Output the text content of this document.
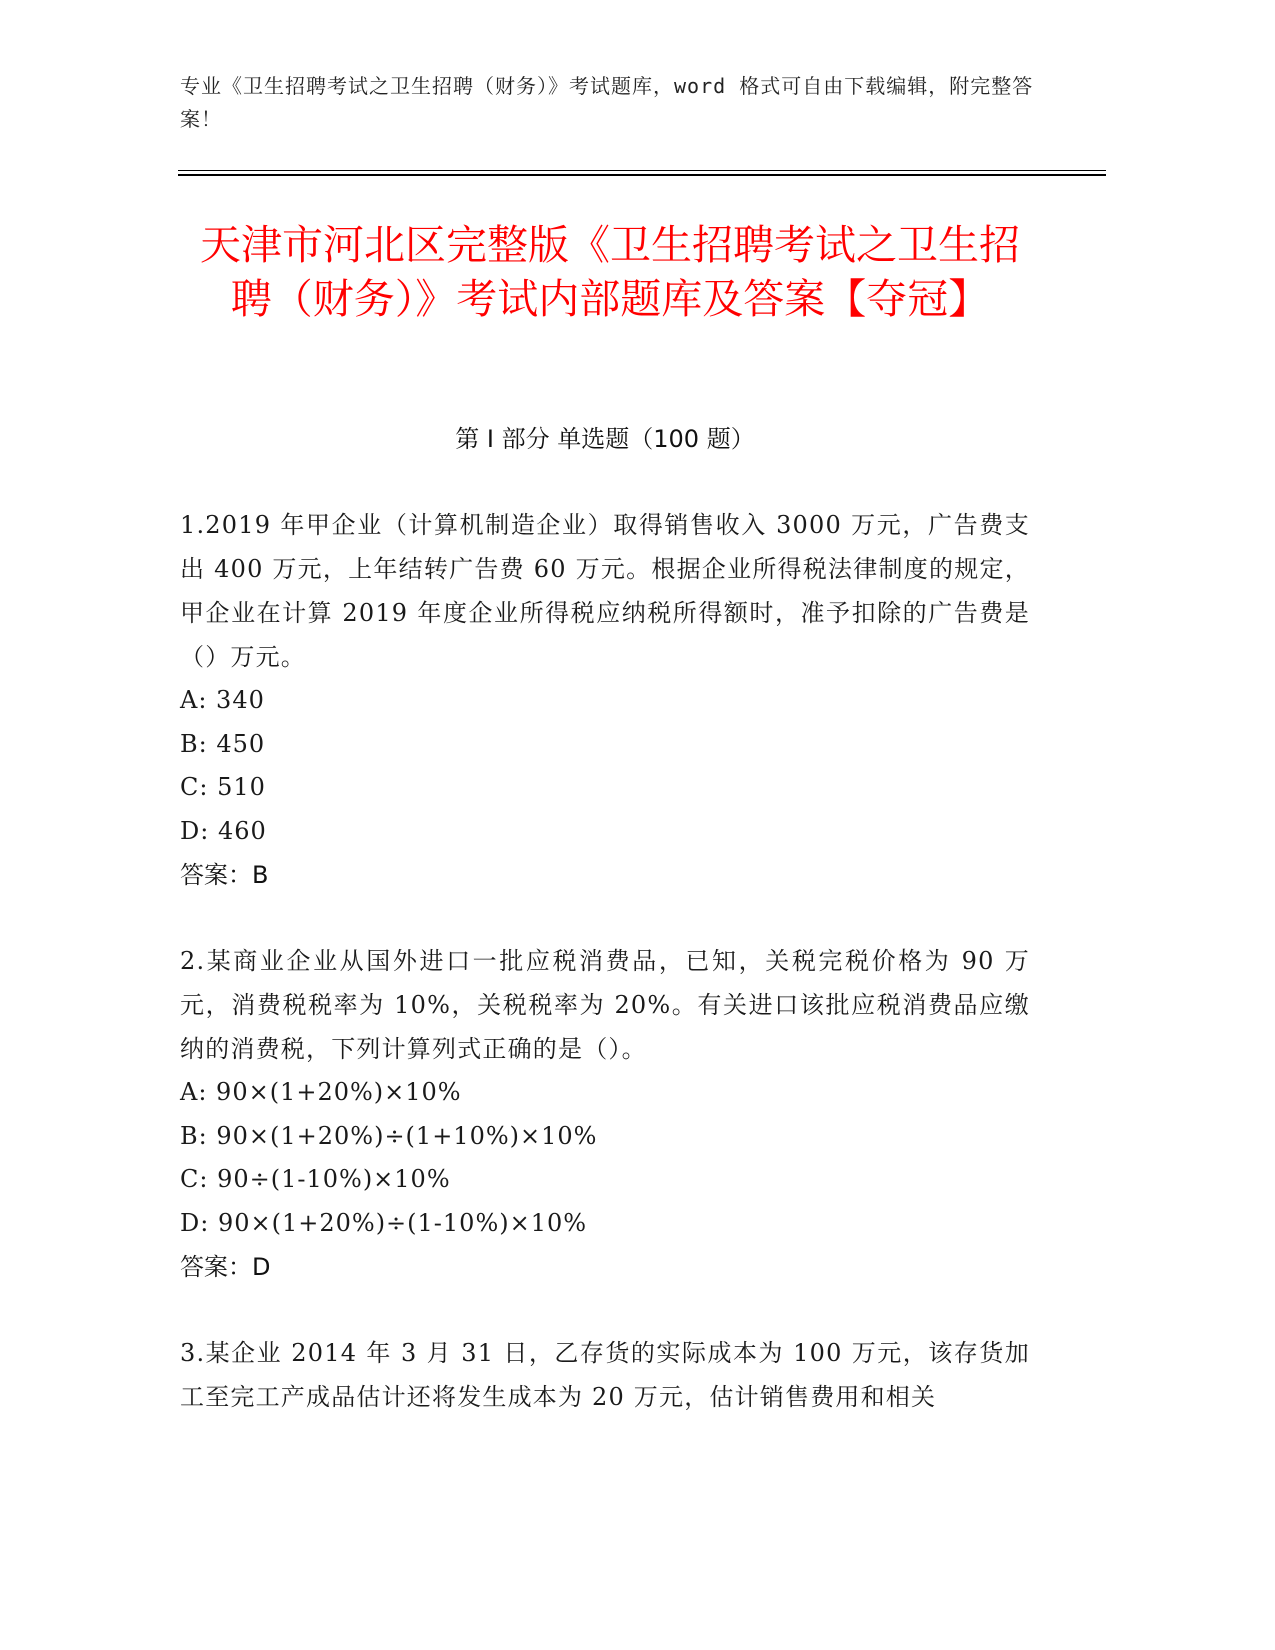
专业《卫生招聘考试之卫生招聘（财务）》考试题库，word 格式可自由下载编辑，附完整答案！
天津市河北区完整版《卫生招聘考试之卫生招聘（财务）》考试内部题库及答案【夺冠】
第 I 部分 单选题（100 题）
1.2019 年甲企业（计算机制造企业）取得销售收入 3000 万元，广告费支出 400 万元，上年结转广告费 60 万元。根据企业所得税法律制度的规定，甲企业在计算 2019 年度企业所得税应纳税所得额时，准予扣除的广告费是（）万元。
A: 340
B: 450
C: 510
D: 460
答案：B
2.某商业企业从国外进口一批应税消费品，已知，关税完税价格为 90 万元，消费税税率为 10%，关税税率为 20%。有关进口该批应税消费品应缴纳的消费税，下列计算列式正确的是（）。
A: 90×(1+20%)×10%
B: 90×(1+20%)÷(1+10%)×10%
C: 90÷(1-10%)×10%
D: 90×(1+20%)÷(1-10%)×10%
答案：D
3.某企业 2014 年 3 月 31 日，乙存货的实际成本为 100 万元，该存货加工至完工产成品估计还将发生成本为 20 万元，估计销售费用和相关
